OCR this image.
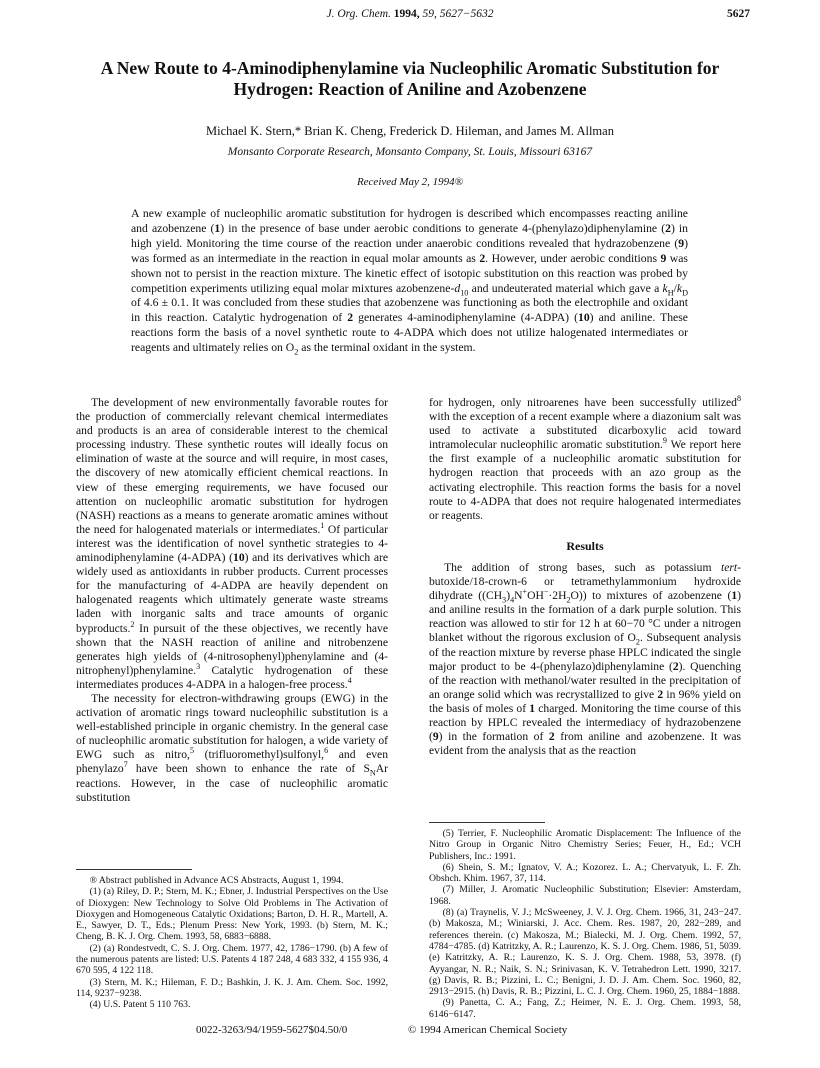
J. Org. Chem. 1994, 59, 5627−5632	5627
A New Route to 4-Aminodiphenylamine via Nucleophilic Aromatic Substitution for Hydrogen: Reaction of Aniline and Azobenzene
Michael K. Stern,* Brian K. Cheng, Frederick D. Hileman, and James M. Allman
Monsanto Corporate Research, Monsanto Company, St. Louis, Missouri 63167
Received May 2, 1994®

A new example of nucleophilic aromatic substitution for hydrogen is described which encompasses reacting aniline and azobenzene (1) in the presence of base under aerobic conditions to generate 4-(phenylazo)diphenylamine (2) in high yield. Monitoring the time course of the reaction under anaerobic conditions revealed that hydrazobenzene (9) was formed as an intermediate in the reaction in equal molar amounts as 2. However, under aerobic conditions 9 was shown not to persist in the reaction mixture. The kinetic effect of isotopic substitution on this reaction was probed by competition experiments utilizing equal molar mixtures azobenzene-$d_{10}$ and undeuterated material which gave a $k_H/k_D$ of 4.6 ± 0.1. It was concluded from these studies that azobenzene was functioning as both the electrophile and oxidant in this reaction. Catalytic hydrogenation of 2 generates 4-aminodiphenylamine (4-ADPA) (10) and aniline. These reactions form the basis of a novel synthetic route to 4-ADPA which does not utilize halogenated intermediates or reagents and ultimately relies on $O_2$ as the terminal oxidant in the system.

The development of new environmentally favorable routes for the production of commercially relevant chemical intermediates and products is an area of considerable interest to the chemical processing industry. These synthetic routes will ideally focus on elimination of waste at the source and will require, in most cases, the discovery of new atomically efficient chemical reactions. In view of these emerging requirements, we have focused our attention on nucleophilic aromatic substitution for hydrogen (NASH) reactions as a means to generate aromatic amines without the need for halogenated materials or intermediates.$^1$ Of particular interest was the identification of novel synthetic strategies to 4-aminodiphenylamine (4-ADPA) (10) and its derivatives which are widely used as antioxidants in rubber products. Current processes for the manufacturing of 4-ADPA are heavily dependent on halogenated reagents which ultimately generate waste streams laden with inorganic salts and trace amounts of organic byproducts.$^2$ In pursuit of the these objectives, we recently have shown that the NASH reaction of aniline and nitrobenzene generates high yields of (4-nitrosophenyl)phenylamine and (4-nitrophenyl)phenylamine.$^3$ Catalytic hydrogenation of these intermediates produces 4-ADPA in a halogen-free process.$^4$

The necessity for electron-withdrawing groups (EWG) in the activation of aromatic rings toward nucleophilic substitution is a well-established principle in organic chemistry. In the general case of nucleophilic aromatic substitution for halogen, a wide variety of EWG such as nitro,$^5$ (trifluoromethyl)sulfonyl,$^6$ and even phenylazo$^7$ have been shown to enhance the rate of $S_NAr$ reactions. However, in the case of nucleophilic aromatic substitution

® Abstract published in Advance ACS Abstracts, August 1, 1994.
(1) (a) Riley, D. P.; Stern, M. K.; Ebner, J. Industrial Perspectives on the Use of Dioxygen: New Technology to Solve Old Problems in The Activation of Dioxygen and Homogeneous Catalytic Oxidations; Barton, D. H. R., Martell, A. E., Sawyer, D. T., Eds.; Plenum Press: New York, 1993. (b) Stern, M. K.; Cheng, B. K. J. Org. Chem. 1993, 58, 6883−6888.
(2) (a) Rondestvedt, C. S. J. Org. Chem. 1977, 42, 1786−1790. (b) A few of the numerous patents are listed: U.S. Patents 4 187 248, 4 683 332, 4 155 936, 4 670 595, 4 122 118.
(3) Stern, M. K.; Hileman, F. D.; Bashkin, J. K. J. Am. Chem. Soc. 1992, 114, 9237−9238.
(4) U.S. Patent 5 110 763.

for hydrogen, only nitroarenes have been successfully utilized$^8$ with the exception of a recent example where a diazonium salt was used to activate a substituted dicarboxylic acid toward intramolecular nucleophilic aromatic substitution.$^9$ We report here the first example of a nucleophilic aromatic substitution for hydrogen reaction that proceeds with an azo group as the activating electrophile. This reaction forms the basis for a novel route to 4-ADPA that does not require halogenated intermediates or reagents.

Results

The addition of strong bases, such as potassium tert-butoxide/18-crown-6 or tetramethylammonium hydroxide dihydrate $((CH_3)_4N^+OH^-\cdot 2H_2O)$) to mixtures of azobenzene (1) and aniline results in the formation of a dark purple solution. This reaction was allowed to stir for 12 h at 60−70 °C under a nitrogen blanket without the rigorous exclusion of $O_2$. Subsequent analysis of the reaction mixture by reverse phase HPLC indicated the single major product to be 4-(phenylazo)diphenylamine (2). Quenching of the reaction with methanol/water resulted in the precipitation of an orange solid which was recrystallized to give 2 in 96% yield on the basis of moles of 1 charged. Monitoring the time course of this reaction by HPLC revealed the intermediacy of hydrazobenzene (9) in the formation of 2 from aniline and azobenzene. It was evident from the analysis that as the reaction

(5) Terrier, F. Nucleophilic Aromatic Displacement: The Influence of the Nitro Group in Organic Nitro Chemistry Series; Feuer, H., Ed.; VCH Publishers, Inc.: 1991.
(6) Shein, S. M.; Ignatov, V. A.; Kozorez. L. A.; Chervatyuk, L. F. Zh. Obshch. Khim. 1967, 37, 114.
(7) Miller, J. Aromatic Nucleophilic Substitution; Elsevier: Amsterdam, 1968.
(8) (a) Traynelis, V. J.; McSweeney, J. V. J. Org. Chem. 1966, 31, 243−247. (b) Makosza, M.; Winiarski, J. Acc. Chem. Res. 1987, 20, 282−289, and references therein. (c) Makosza, M.; Bialecki, M. J. Org. Chem. 1992, 57, 4784−4785. (d) Katritzky, A. R.; Laurenzo, K. S. J. Org. Chem. 1986, 51, 5039. (e) Katritzky, A. R.; Laurenzo, K. S. J. Org. Chem. 1988, 53, 3978. (f) Ayyangar, N. R.; Naik, S. N.; Srinivasan, K. V. Tetrahedron Lett. 1990, 3217. (g) Davis, R. B.; Pizzini, L. C.; Benigni, J. D. J. Am. Chem. Soc. 1960, 82, 2913−2915. (h) Davis, R. B.; Pizzini, L. C. J. Org. Chem. 1960, 25, 1884−1888.
(9) Panetta, C. A.; Fang, Z.; Heimer, N. E. J. Org. Chem. 1993, 58, 6146−6147.
0022-3263/94/1959-5627$04.50/0	© 1994 American Chemical Society
